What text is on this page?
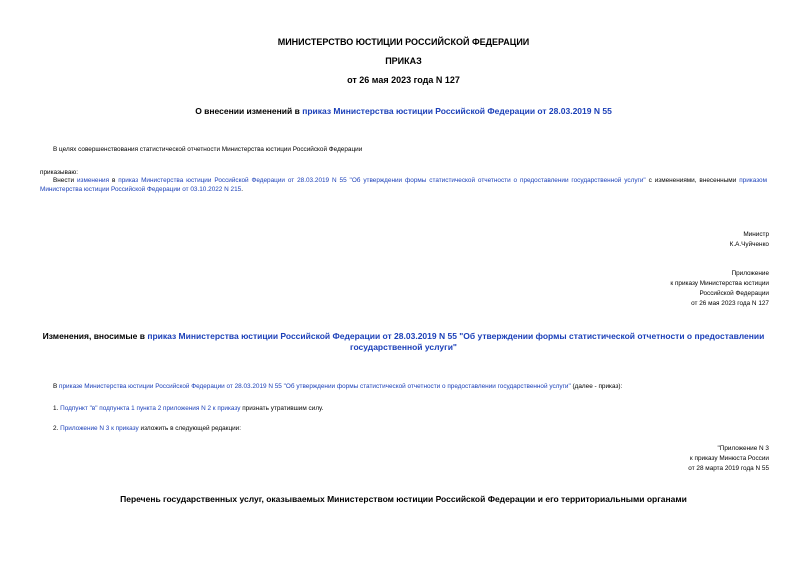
МИНИСТЕРСТВО ЮСТИЦИИ РОССИЙСКОЙ ФЕДЕРАЦИИ
ПРИКАЗ
от 26 мая 2023 года N 127
О внесении изменений в приказ Министерства юстиции Российской Федерации от 28.03.2019 N 55
В целях совершенствования статистической отчетности Министерства юстиции Российской Федерации
приказываю:
Внести изменения в приказ Министерства юстиции Российской Федерации от 28.03.2019 N 55 "Об утверждении формы статистической отчетности о предоставлении государственной услуги" с изменениями, внесенными приказом Министерства юстиции Российской Федерации от 03.10.2022 N 215.
Министр
К.А.Чуйченко
Приложение
к приказу Министерства юстиции
Российской Федерации
от 26 мая 2023 года N 127
Изменения, вносимые в приказ Министерства юстиции Российской Федерации от 28.03.2019 N 55 "Об утверждении формы статистической отчетности о предоставлении государственной услуги"
В приказе Министерства юстиции Российской Федерации от 28.03.2019 N 55 "Об утверждении формы статистической отчетности о предоставлении государственной услуги" (далее - приказ):
1. Подпункт "в" подпункта 1 пункта 2 приложения N 2 к приказу признать утратившим силу.
2. Приложение N 3 к приказу изложить в следующей редакции:
"Приложение N 3
к приказу Минюста России
от 28 марта 2019 года N 55
Перечень государственных услуг, оказываемых Министерством юстиции Российской Федерации и его территориальными органами
